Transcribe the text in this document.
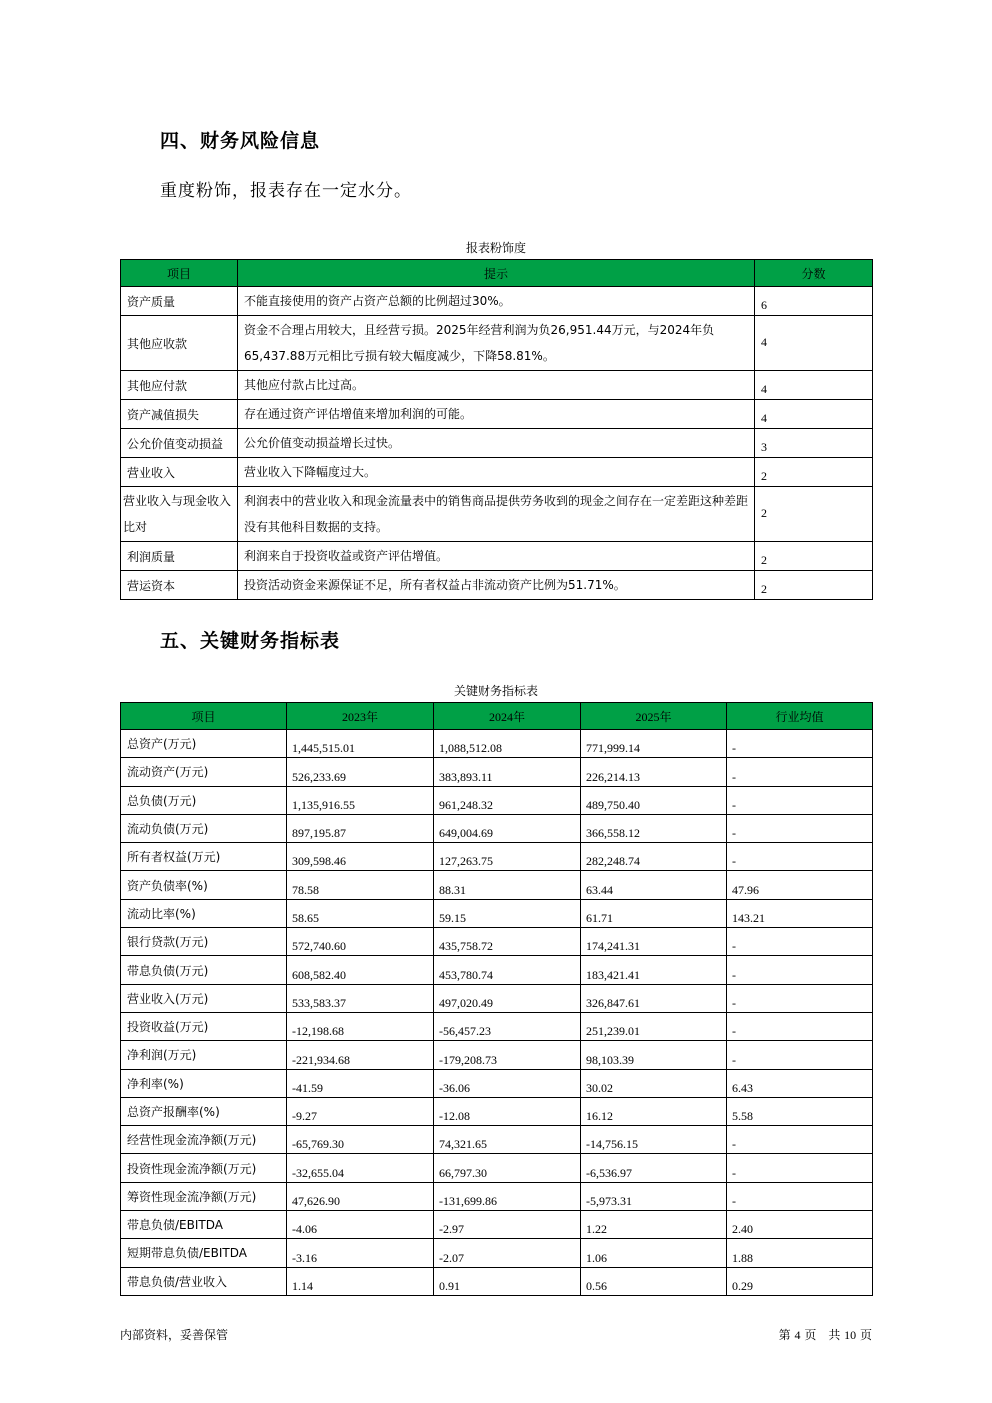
四、财务风险信息
重度粉饰，报表存在一定水分。
报表粉饰度
项目	提示	分数
资产质量	不能直接使用的资产占资产总额的比例超过30%。	6
其他应收款	资金不合理占用较大，且经营亏损。2025年经营利润为负26,951.44万元，与2024年负65,437.88万元相比亏损有较大幅度减少，下降58.81%。	4
其他应付款	其他应付款占比过高。	4
资产减值损失	存在通过资产评估增值来增加利润的可能。	4
公允价值变动损益	公允价值变动损益增长过快。	3
营业收入	营业收入下降幅度过大。	2
营业收入与现金收入比对	利润表中的营业收入和现金流量表中的销售商品提供劳务收到的现金之间存在一定差距这种差距没有其他科目数据的支持。	2
利润质量	利润来自于投资收益或资产评估增值。	2
营运资本	投资活动资金来源保证不足，所有者权益占非流动资产比例为51.71%。	2
五、关键财务指标表
关键财务指标表
项目	2023年	2024年	2025年	行业均值
总资产(万元)	1,445,515.01	1,088,512.08	771,999.14	-
流动资产(万元)	526,233.69	383,893.11	226,214.13	-
总负债(万元)	1,135,916.55	961,248.32	489,750.40	-
流动负债(万元)	897,195.87	649,004.69	366,558.12	-
所有者权益(万元)	309,598.46	127,263.75	282,248.74	-
资产负债率(%)	78.58	88.31	63.44	47.96
流动比率(%)	58.65	59.15	61.71	143.21
银行贷款(万元)	572,740.60	435,758.72	174,241.31	-
带息负债(万元)	608,582.40	453,780.74	183,421.41	-
营业收入(万元)	533,583.37	497,020.49	326,847.61	-
投资收益(万元)	-12,198.68	-56,457.23	251,239.01	-
净利润(万元)	-221,934.68	-179,208.73	98,103.39	-
净利率(%)	-41.59	-36.06	30.02	6.43
总资产报酬率(%)	-9.27	-12.08	16.12	5.58
经营性现金流净额(万元)	-65,769.30	74,321.65	-14,756.15	-
投资性现金流净额(万元)	-32,655.04	66,797.30	-6,536.97	-
筹资性现金流净额(万元)	47,626.90	-131,699.86	-5,973.31	-
带息负债/EBITDA	-4.06	-2.97	1.22	2.40
短期带息负债/EBITDA	-3.16	-2.07	1.06	1.88
带息负债/营业收入	1.14	0.91	0.56	0.29
内部资料，妥善保管	第 4 页　共 10 页
